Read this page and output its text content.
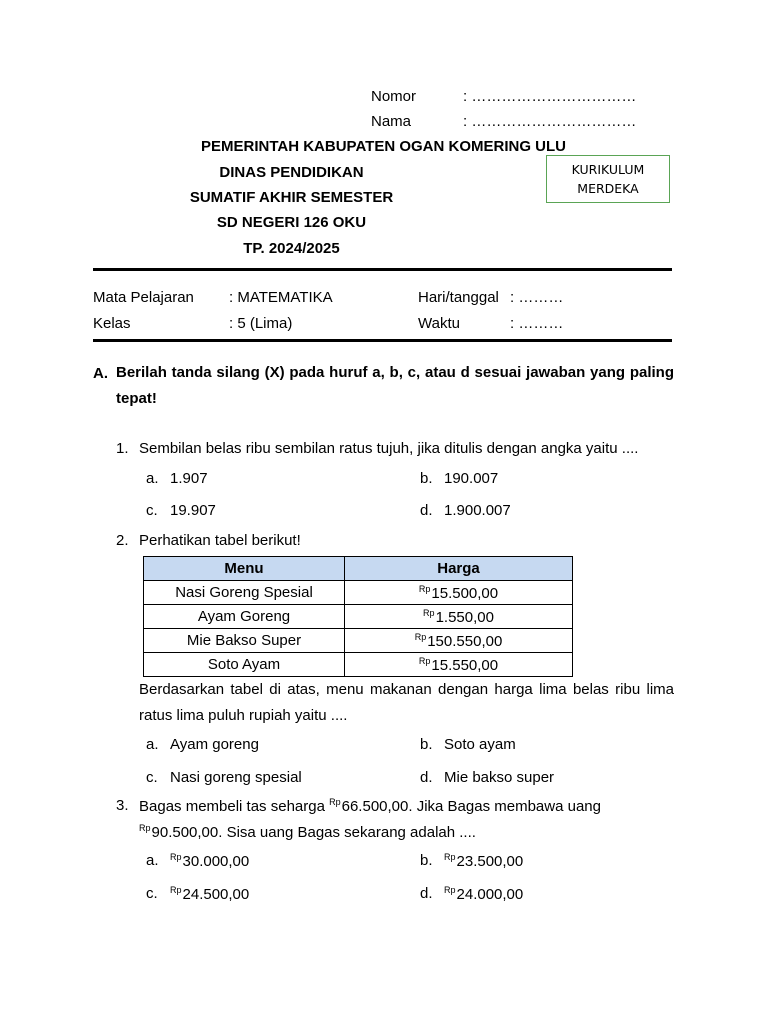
Nomor	: ……………………………
Nama	: ……………………………
PEMERINTAH KABUPATEN OGAN KOMERING ULU
DINAS PENDIDIKAN
SUMATIF AKHIR SEMESTER
SD NEGERI 126 OKU
TP. 2024/2025
KURIKULUM
MERDEKA
Mata Pelajaran : MATEMATIKA	Hari/tanggal : ………
Kelas	: 5 (Lima)	Waktu	: ………
A. Berilah tanda silang (X) pada huruf a, b, c, atau d sesuai jawaban yang paling tepat!
1. Sembilan belas ribu sembilan ratus tujuh, jika ditulis dengan angka yaitu ....
a. 1.907	b. 190.007
c. 19.907	d. 1.900.007
2. Perhatikan tabel berikut!
Menu	Harga
Nasi Goreng Spesial	$^{Rp}$15.500,00
Ayam Goreng	$^{Rp}$1.550,00
Mie Bakso Super	$^{Rp}$150.550,00
Soto Ayam	$^{Rp}$15.550,00
Berdasarkan tabel di atas, menu makanan dengan harga lima belas ribu lima ratus lima puluh rupiah yaitu ....
a. Ayam goreng	b. Soto ayam
c. Nasi goreng spesial	d. Mie bakso super
3. Bagas membeli tas seharga $^{Rp}$66.500,00. Jika Bagas membawa uang
$^{Rp}$90.500,00. Sisa uang Bagas sekarang adalah ....
a. $^{Rp}$30.000,00	b. $^{Rp}$23.500,00
c. $^{Rp}$24.500,00	d. $^{Rp}$24.000,00
